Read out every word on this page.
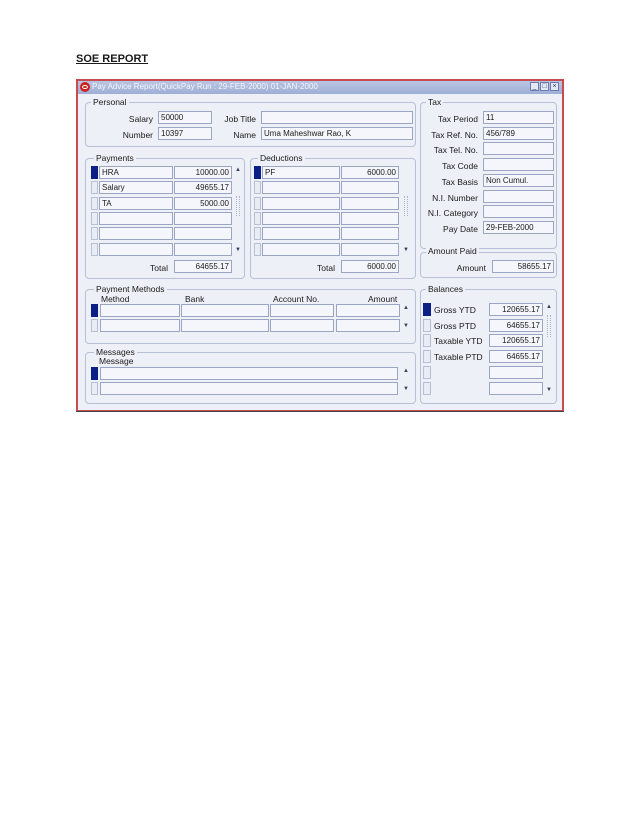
SOE REPORT
Pay Advice Report(QuickPay Run : 29-FEB-2000) 01-JAN-2000	_ □ ×
Personal
Salary	50000
Number	10397
Job Title
Name	Uma Maheshwar Rao, K
Tax
Payments
▲
▼
Total	64655.17
Deductions
▼
Total	6000.00
Amount Paid
Amount	58655.17
Payment Methods
Method	Bank	Account No.	Amount
▲
▼
Messages
Message
▲
▼
Balances
▲
▼
Tax Period	11
Tax Ref. No.	456/789
Tax Tel. No.
Tax Code
Tax Basis	Non Cumul.
N.I. Number
N.I. Category
Pay Date	29-FEB-2000
HRA	10000.00
Salary	49655.17
TA	5000.00
PF	6000.00
Gross YTD	120655.17
Gross PTD	64655.17
Taxable YTD	120655.17
Taxable PTD	64655.17
